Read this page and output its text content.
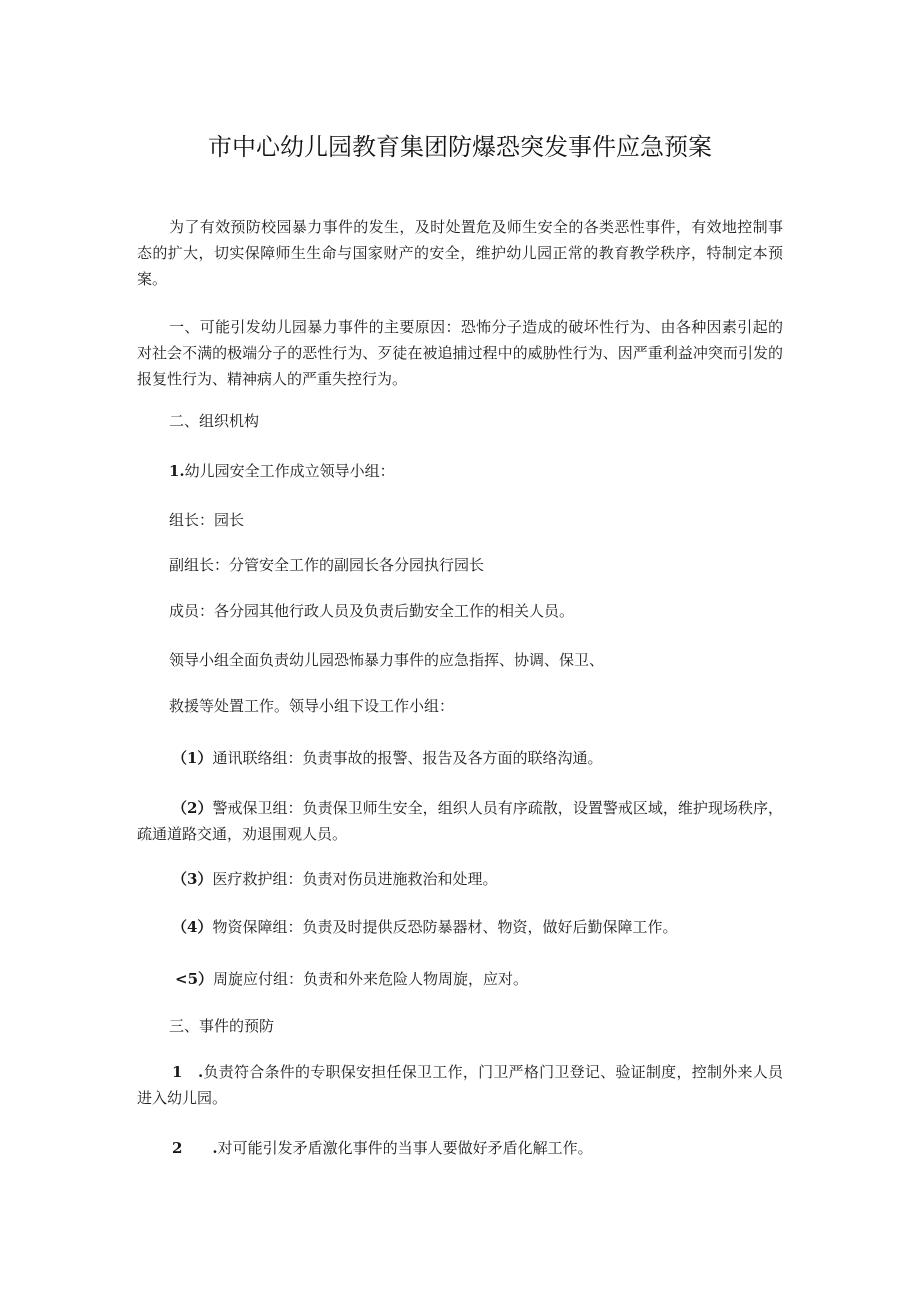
市中心幼儿园教育集团防爆恐突发事件应急预案

为了有效预防校园暴力事件的发生，及时处置危及师生安全的各类恶性事件，有效地控制事态的扩大，切实保障师生生命与国家财产的安全，维护幼儿园正常的教育教学秩序，特制定本预案。

一、可能引发幼儿园暴力事件的主要原因：恐怖分子造成的破坏性行为、由各种因素引起的对社会不满的极端分子的恶性行为、歹徒在被追捕过程中的威胁性行为、因严重利益冲突而引发的报复性行为、精神病人的严重失控行为。

二、组织机构

1.幼儿园安全工作成立领导小组：

组长：园长

副组长：分管安全工作的副园长各分园执行园长

成员：各分园其他行政人员及负责后勤安全工作的相关人员。

领导小组全面负责幼儿园恐怖暴力事件的应急指挥、协调、保卫、

救援等处置工作。领导小组下设工作小组：

（1）通讯联络组：负责事故的报警、报告及各方面的联络沟通。

（2）警戒保卫组：负责保卫师生安全，组织人员有序疏散，设置警戒区域，维护现场秩序，疏通道路交通，劝退围观人员。

（3）医疗救护组：负责对伤员进施救治和处理。

（4）物资保障组：负责及时提供反恐防暴器材、物资，做好后勤保障工作。

<5）周旋应付组：负责和外来危险人物周旋，应对。

三、事件的预防

1　.负责符合条件的专职保安担任保卫工作，门卫严格门卫登记、验证制度，控制外来人员进入幼儿园。

2　　.对可能引发矛盾激化事件的当事人要做好矛盾化解工作。
